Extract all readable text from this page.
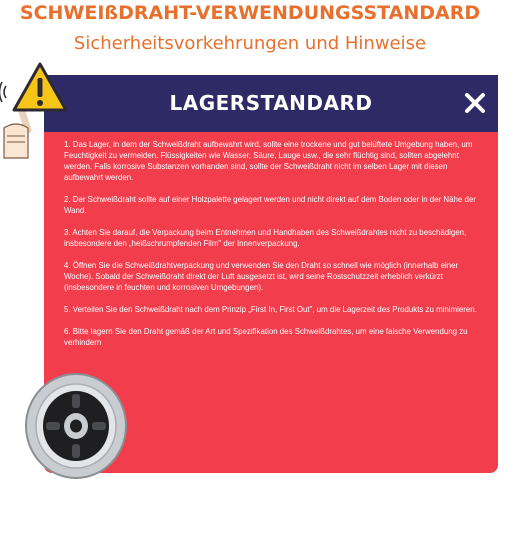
SCHWEIßDRAHT-VERWENDUNGSSTANDARD
Sicherheitsvorkehrungen und Hinweise
LAGERSTANDARD

1. Das Lager, in dem der Schweißdraht aufbewahrt wird, sollte eine trockene und gut belüftete Umgebung haben, um Feuchtigkeit zu vermeiden. Flüssigkeiten wie Wasser, Säure, Lauge usw., die sehr flüchtig sind, sollten abgelehnt werden. Falls korrosive Substanzen vorhanden sind, sollte der Schweißdraht nicht im selben Lager mit diesen aufbewahrt werden.

2. Der Schweißdraht sollte auf einer Holzpalette gelagert werden und nicht direkt auf dem Boden oder in der Nähe der Wand.

3. Achten Sie darauf, die Verpackung beim Entnehmen und Handhaben des Schweißdrahtes nicht zu beschädigen, insbesondere den „heißschrumpfenden Film" der Innenverpackung.

4. Öffnen Sie die Schweißdrahtverpackung und verwenden Sie den Draht so schnell wie möglich (innerhalb einer Woche). Sobald der Schweißdraht direkt der Luft ausgesetzt ist, wird seine Rostschutzzeit erheblich verkürzt (insbesondere in feuchten und korrosiven Umgebungen).

5. Verteilen Sie den Schweißdraht nach dem Prinzip „First In, First Out", um die Lagerzeit des Produkts zu minimieren.

6. Bitte lagern Sie den Draht gemäß der Art und Spezifikation des Schweißdrahtes, um eine falsche Verwendung zu verhindern

®
HITBOX
